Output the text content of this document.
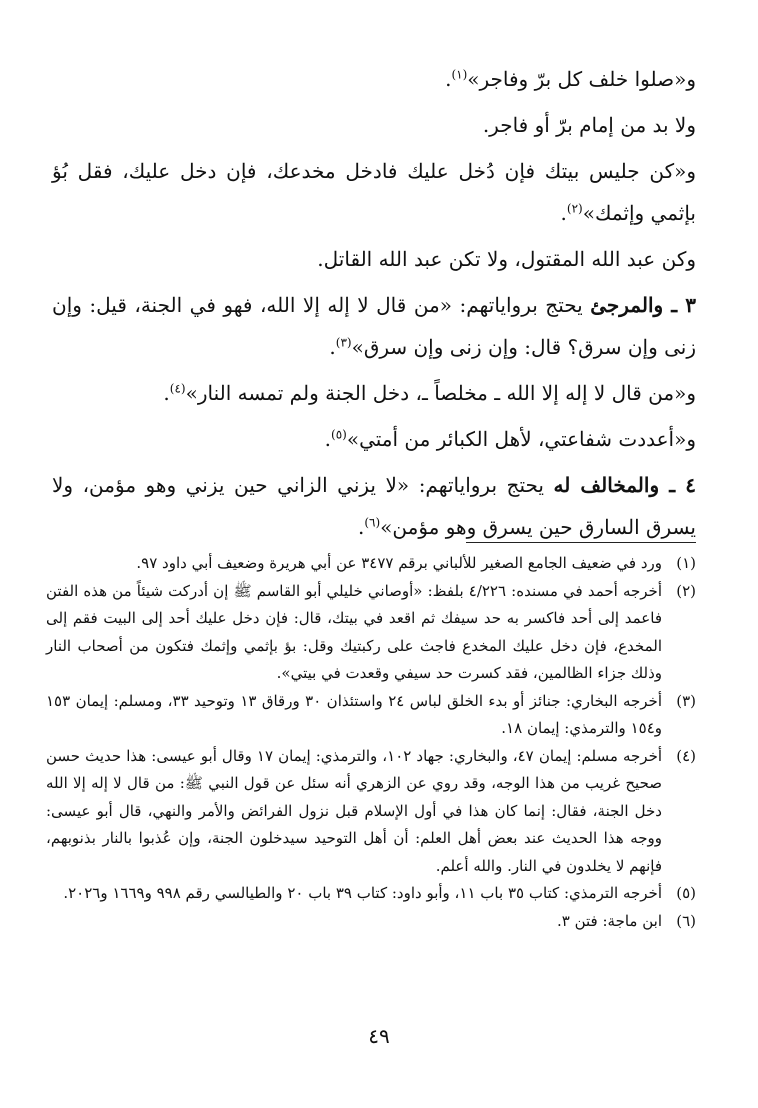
و«صلوا خلف كل برّ وفاجر»$^{(١)}$.

ولا بد من إمام برّ أو فاجر.

و«كن جليس بيتك فإن دُخل عليك فادخل مخدعك، فإن دخل عليك، فقل بُؤ بإثمي وإثمك»$^{(٢)}$.

وكن عبد الله المقتول، ولا تكن عبد الله القاتل.

٣ ـ والمرجئ يحتج برواياتهم: «من قال لا إله إلا الله، فهو في الجنة، قيل: وإن زنى وإن سرق؟ قال: وإن زنى وإن سرق»$^{(٣)}$.

و«من قال لا إله إلا الله ـ مخلصاً ـ، دخل الجنة ولم تمسه النار»$^{(٤)}$.

و«أعددت شفاعتي، لأهل الكبائر من أمتي»$^{(٥)}$.

٤ ـ والمخالف له يحتج برواياتهم: «لا يزني الزاني حين يزني وهو مؤمن، ولا يسرق السارق حين يسرق وهو مؤمن»$^{(٦)}$.

(١)
ورد في ضعيف الجامع الصغير للألباني برقم ٣٤٧٧ عن أبي هريرة وضعيف أبي داود ٩٧.
(٢)
أخرجه أحمد في مسنده: ٤/٢٢٦ بلفظ: «أوصاني خليلي أبو القاسم ﷺ إن أدركت شيئاً من هذه الفتن فاعمد إلى أحد فاكسر به حد سيفك ثم اقعد في بيتك، قال: فإن دخل عليك أحد إلى البيت فقم إلى المخدع، فإن دخل عليك المخدع فاجث على ركبتيك وقل: بؤ بإثمي وإثمك فتكون من أصحاب النار وذلك جزاء الظالمين، فقد كسرت حد سيفي وقعدت في بيتي».
(٣)
أخرجه البخاري: جنائز أو بدء الخلق لباس ٢٤ واستئذان ٣٠ ورقاق ١٣ وتوحيد ٣٣، ومسلم: إيمان ١٥٣ و١٥٤ والترمذي: إيمان ١٨.
(٤)
أخرجه مسلم: إيمان ٤٧، والبخاري: جهاد ١٠٢، والترمذي: إيمان ١٧ وقال أبو عيسى: هذا حديث حسن صحيح غريب من هذا الوجه، وقد روي عن الزهري أنه سئل عن قول النبي ﷺ: من قال لا إله إلا الله دخل الجنة، فقال: إنما كان هذا في أول الإسلام قبل نزول الفرائض والأمر والنهي، قال أبو عيسى: ووجه هذا الحديث عند بعض أهل العلم: أن أهل التوحيد سيدخلون الجنة، وإن عُذبوا بالنار بذنوبهم، فإنهم لا يخلدون في النار. والله أعلم.
(٥)
أخرجه الترمذي: كتاب ٣٥ باب ١١، وأبو داود: كتاب ٣٩ باب ٢٠ والطيالسي رقم ٩٩٨ و١٦٦٩ و٢٠٢٦.
(٦)
ابن ماجة: فتن ٣.
٤٩
